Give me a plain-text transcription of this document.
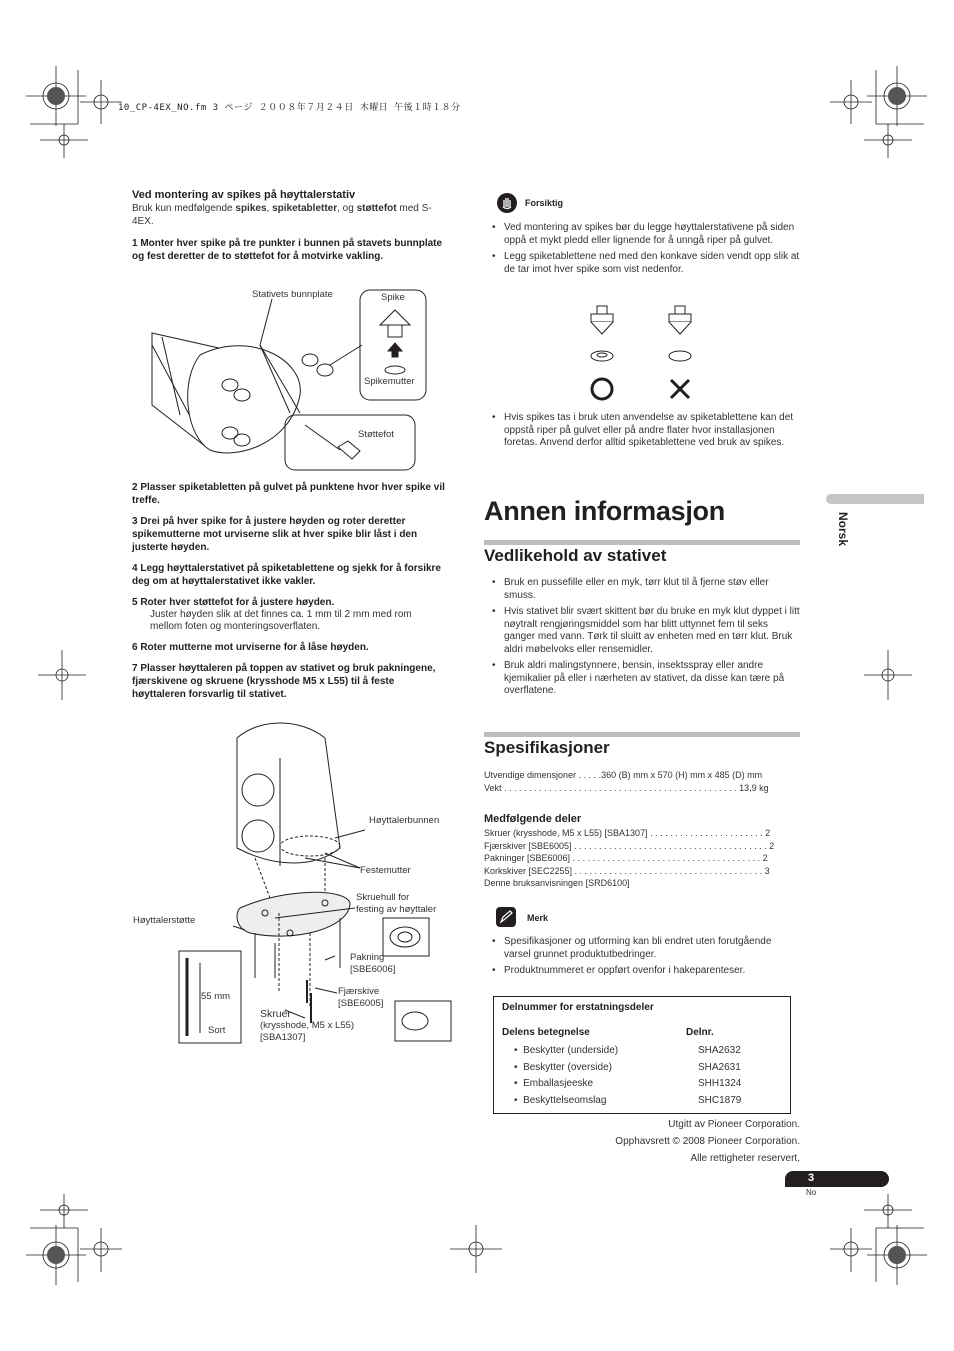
10_CP-4EX_NO.fm 3 ページ ２００８年７月２４日 木曜日 午後１時１８分

Ved montering av spikes på høyttalerstativ

Bruk kun medfølgende spikes, spiketabletter, og støttefot med S-4EX.

1 Monter hver spike på tre punkter i bunnen på stavets bunnplate og fest deretter de to støttefot for å motvirke vakling.

Stativets bunnplate	Spike
Spikemutter
Støttefot

2 Plasser spiketabletten på gulvet på punktene hvor hver spike vil treffe.

3 Drei på hver spike for å justere høyden og roter deretter spikemutterne mot urviserne slik at hver spike blir låst i den justerte høyden.

4 Legg høyttalerstativet på spiketablettene og sjekk for å forsikre deg om at høyttalerstativet ikke vakler.

5 Roter hver støttefot for å justere høyden.

Juster høyden slik at det finnes ca. 1 mm til 2 mm med rom mellom foten og monteringsoverflaten.

6 Roter mutterne mot urviserne for å låse høyden.

7 Plasser høyttaleren på toppen av stativet og bruk pakningene, fjærskivene og skruene (krysshode M5 x L55) til å feste høyttaleren forsvarlig til stativet.

Høyttalerbunnen
Festemutter
Skruehull for
festing av høyttaler
Høyttalerstøtte
Pakning
[SBE6006]
Fjærskive
[SBE6005]
55 mm
Sort
Skruer
(krysshode, M5 x L55)
[SBA1307]
Forsiktig
• Ved montering av spikes bør du legge høyttalerstativene på siden oppå et mykt pledd eller lignende for å unngå riper på gulvet.
• Legg spiketablettene ned med den konkave siden vendt opp slik at de tar imot hver spike som vist nedenfor.
• Hvis spikes tas i bruk uten anvendelse av spiketablettene kan det oppstå riper på gulvet eller på andre flater hvor installasjonen foretas. Anvend derfor alltid spiketablettene ved bruk av spikes.
Annen informasjon
Vedlikehold av stativet
• Bruk en pussefille eller en myk, tørr klut til å fjerne støv eller smuss.
• Hvis stativet blir svært skittent bør du bruke en myk klut dyppet i litt nøytralt rengjøringsmiddel som har blitt uttynnet fem til seks ganger med vann. Tørk til sluitt av enheten med en tørr klut. Bruk aldri møbelvoks eller rensemidler.
• Bruk aldri malingstynnere, bensin, insektsspray eller andre kjemikalier på eller i nærheten av stativet, da disse kan tære på overflatene.
Spesifikasjoner
Utvendige dimensjoner . . . . .360 (B) mm x 570 (H) mm x 485 (D) mm
Vekt . . . . . . . . . . . . . . . . . . . . . . . . . . . . . . . . . . . . . . . . . . . . . . . 13,9 kg
Medfølgende deler
Skruer (krysshode, M5 x L55) [SBA1307] . . . . . . . . . . . . . . . . . . . . . . . 2
Fjærskiver [SBE6005] . . . . . . . . . . . . . . . . . . . . . . . . . . . . . . . . . . . . . . . 2
Pakninger [SBE6006] . . . . . . . . . . . . . . . . . . . . . . . . . . . . . . . . . . . . . . 2
Korkskiver [SEC2255] . . . . . . . . . . . . . . . . . . . . . . . . . . . . . . . . . . . . . . 3
Denne bruksanvisningen [SRD6100]
Merk
• Spesifikasjoner og utforming kan bli endret uten forutgående varsel grunnet produktutbedringer.
• Produktnummeret er oppført ovenfor i hakeparenteser.
Delnummer for erstatningsdeler
Delens betegnelse	Delnr.
•  Beskytter (underside)	SHA2632
•  Beskytter (overside)	SHA2631
•  Emballasjeeske	SHH1324
•  Beskyttelseomslag	SHC1879
Utgitt av Pioneer Corporation.
Opphavsrett © 2008 Pioneer Corporation.
Alle rettigheter reservert.
Norsk
3
No
